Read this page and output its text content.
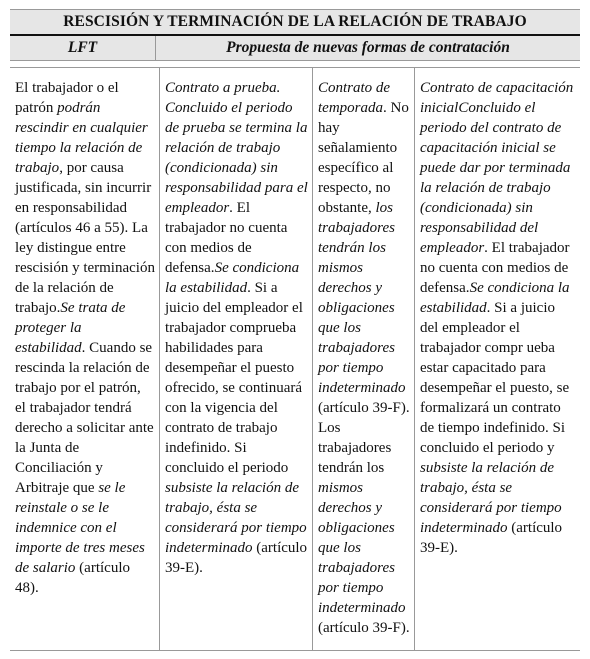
RESCISIÓN Y TERMINACIÓN DE LA RELACIÓN DE TRABAJO
LFT	Propuesta de nuevas formas de contratación
El trabajador o el patrón podrán rescindir en cualquier tiempo la relación de trabajo, por causa justificada, sin incurrir en responsabilidad (artículos 46 a 55). La ley distingue entre rescisión y terminación de la relación de trabajo.Se trata de proteger la estabilidad. Cuando se rescinda la relación de trabajo por el patrón, el trabajador tendrá derecho a solicitar ante la Junta de Conciliación y Arbitraje que se le reinstale o se le indemnice con el importe de tres meses de salario (artículo 48).
Contrato a prueba. Concluido el periodo de prueba se termina la relación de trabajo (condicionada) sin responsabilidad para el empleador. El trabajador no cuenta con medios de defensa.Se condiciona la estabilidad. Si a juicio del empleador el trabajador comprueba habilidades para desempeñar el puesto ofrecido, se continuará con la vigencia del contrato de trabajo indefinido. Si concluido el periodo subsiste la relación de trabajo, ésta se considerará por tiempo indeterminado (artículo 39-E).
Contrato de temporada. No hay señalamiento específico al respecto, no obstante, los trabajadores tendrán los mismos derechos y obligaciones que los trabajadores por tiempo indeterminado (artículo 39-F). Los trabajadores tendrán los mismos derechos y obligaciones que los trabajadores por tiempo indeterminado (artículo 39-F).
Contrato de capacitación inicialConcluido el periodo del contrato de capacitación inicial se puede dar por terminada la relación de trabajo (condicionada) sin responsabilidad del empleador. El trabajador no cuenta con medios de defensa.Se condiciona la estabilidad. Si a juicio del empleador el trabajador compr ueba estar capacitado para desempeñar el puesto, se formalizará un contrato de tiempo indefinido. Si concluido el periodo y subsiste la relación de trabajo, ésta se considerará por tiempo indeterminado (artículo 39-E).
